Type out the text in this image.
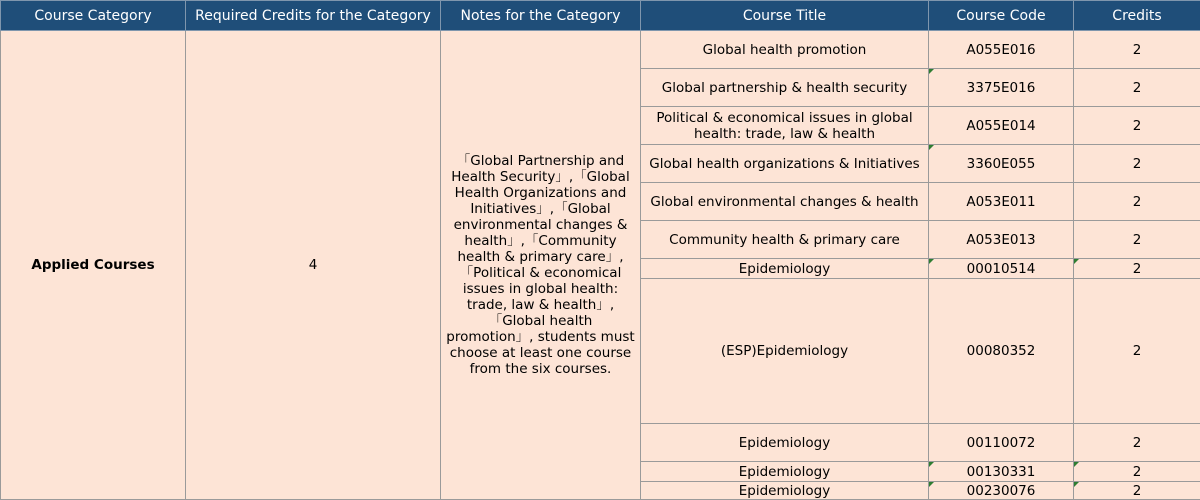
Course Category	Required Credits for the Category	Notes for the Category	Course Title	Course Code	Credits
Applied Courses	4	「Global Partnership and Health Security」,「Global Health Organizations and Initiatives」,「Global environmental changes & health」,「Community health & primary care」,「Political & economical issues in global health: trade, law & health」,「Global health promotion」, students must choose at least one course from the six courses.	Global health promotion	A055E016	2
			Global partnership & health security	3375E016	2
			Political & economical issues in global health: trade, law & health	A055E014	2
			Global health organizations & Initiatives	3360E055	2
			Global environmental changes & health	A053E011	2
			Community health & primary care	A053E013	2
			Epidemiology	00010514	2
			(ESP)Epidemiology	00080352	2
			Epidemiology	00110072	2
			Epidemiology	00130331	2
			Epidemiology	00230076	2
